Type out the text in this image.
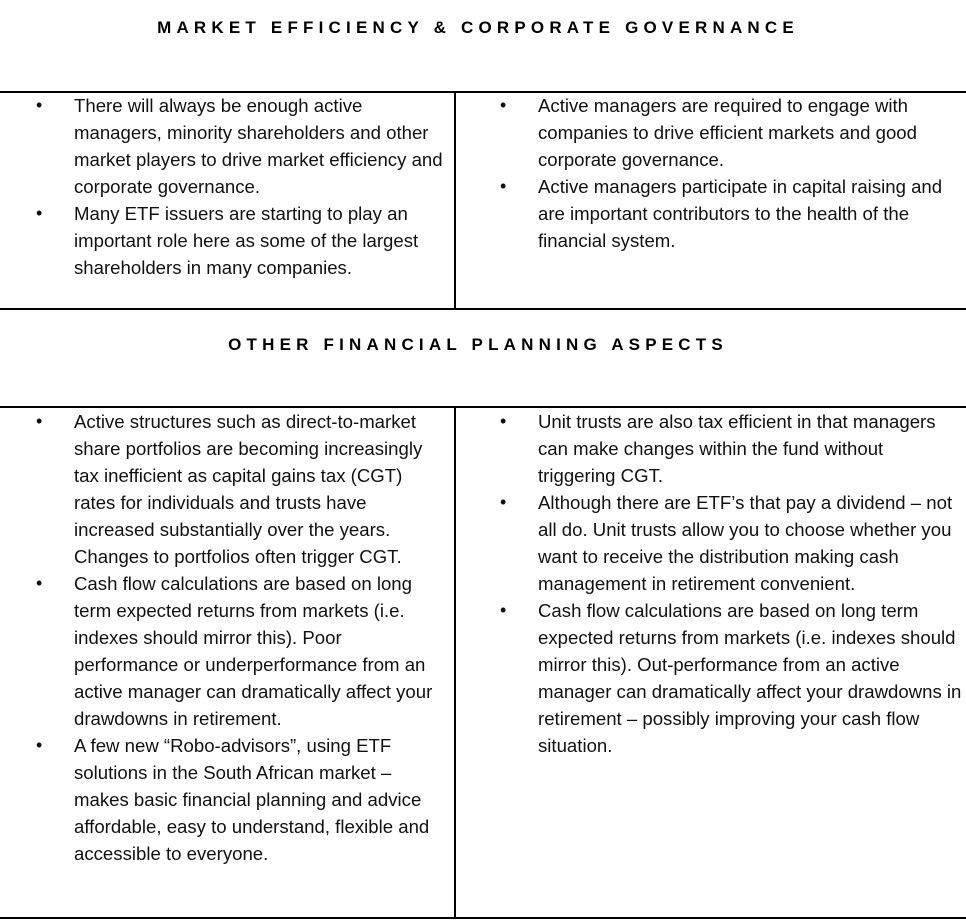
MARKET EFFICIENCY & CORPORATE GOVERNANCE
• There will always be enough active managers, minority shareholders and other market players to drive market efficiency and corporate governance.
• Many ETF issuers are starting to play an important role here as some of the largest shareholders in many companies.
• Active managers are required to engage with companies to drive efficient markets and good corporate governance.
• Active managers participate in capital raising and are important contributors to the health of the financial system.
OTHER FINANCIAL PLANNING ASPECTS
• Active structures such as direct-to-market share portfolios are becoming increasingly tax inefficient as capital gains tax (CGT) rates for individuals and trusts have increased substantially over the years. Changes to portfolios often trigger CGT.
• Cash flow calculations are based on long term expected returns from markets (i.e. indexes should mirror this). Poor performance or underperformance from an active manager can dramatically affect your drawdowns in retirement.
• A few new “Robo-advisors”, using ETF solutions in the South African market – makes basic financial planning and advice affordable, easy to understand, flexible and accessible to everyone.
• Unit trusts are also tax efficient in that managers can make changes within the fund without triggering CGT.
• Although there are ETF’s that pay a dividend – not all do. Unit trusts allow you to choose whether you want to receive the distribution making cash management in retirement convenient.
• Cash flow calculations are based on long term expected returns from markets (i.e. indexes should mirror this). Out-performance from an active manager can dramatically affect your drawdowns in retirement – possibly improving your cash flow situation.
